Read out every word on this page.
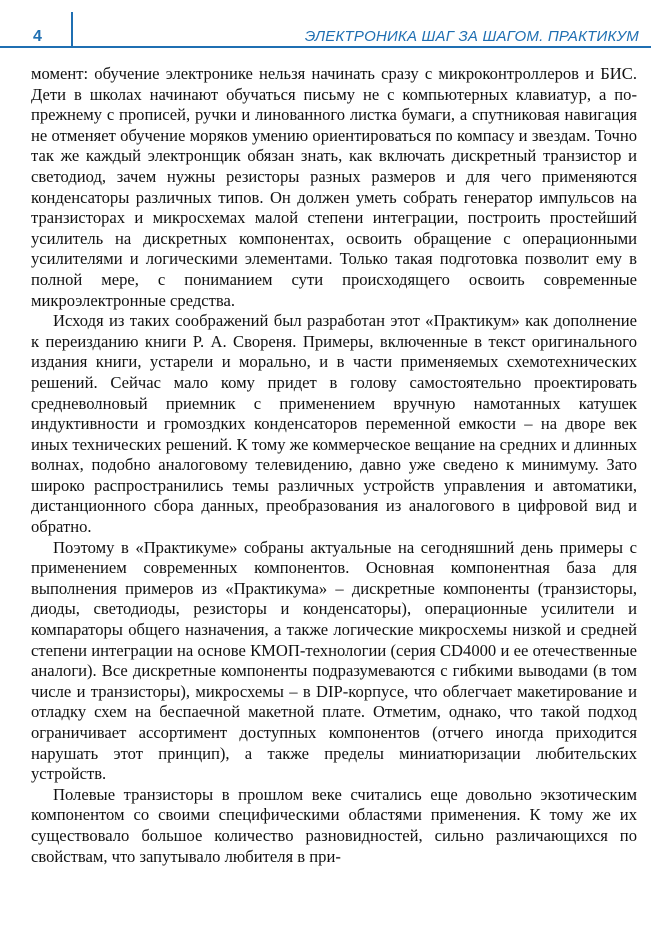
4	ЭЛЕКТРОНИКА ШАГ ЗА ШАГОМ. ПРАКТИКУМ

момент: обучение электронике нельзя начинать сразу с микроконтроллеров и БИС. Дети в школах начинают обучаться письму не с компьютерных клавиатур, а по-прежнему с прописей, ручки и линованного листка бумаги, а спутниковая навигация не отменяет обучение моряков умению ориентироваться по компасу и звездам. Точно так же каждый электронщик обязан знать, как включать дискретный транзистор и светодиод, зачем нужны резисторы разных размеров и для чего применяются конденсаторы различных типов. Он должен уметь собрать генератор импульсов на транзисторах и микросхемах малой степени интеграции, построить простейший усилитель на дискретных компонентах, освоить обращение с операционными усилителями и логическими элементами. Только такая подготовка позволит ему в полной мере, с пониманием сути происходящего освоить современные микроэлектронные средства.

Исходя из таких соображений был разработан этот «Практикум» как дополнение к переизданию книги Р. А. Свореня. Примеры, включенные в текст оригинального издания книги, устарели и морально, и в части применяемых схемотехнических решений. Сейчас мало кому придет в голову самостоятельно проектировать средневолновый приемник с применением вручную намотанных катушек индуктивности и громоздких конденсаторов переменной емкости – на дворе век иных технических решений. К тому же коммерческое вещание на средних и длинных волнах, подобно аналоговому телевидению, давно уже сведено к минимуму. Зато широко распространились темы различных устройств управления и автоматики, дистанционного сбора данных, преобразования из аналогового в цифровой вид и обратно.

Поэтому в «Практикуме» собраны актуальные на сегодняшний день примеры с применением современных компонентов. Основная компонентная база для выполнения примеров из «Практикума» – дискретные компоненты (транзисторы, диоды, светодиоды, резисторы и конденсаторы), операционные усилители и компараторы общего назначения, а также логические микросхемы низкой и средней степени интеграции на основе КМОП-технологии (серия CD4000 и ее отечественные аналоги). Все дискретные компоненты подразумеваются с гибкими выводами (в том числе и транзисторы), микросхемы – в DIP-корпусе, что облегчает макетирование и отладку схем на беспаечной макетной плате. Отметим, однако, что такой подход ограничивает ассортимент доступных компонентов (отчего иногда приходится нарушать этот принцип), а также пределы миниатюризации любительских устройств.

Полевые транзисторы в прошлом веке считались еще довольно экзотическим компонентом со своими специфическими областями применения. К тому же их существовало большое количество разновидностей, сильно различающихся по свойствам, что запутывало любителя в при-
